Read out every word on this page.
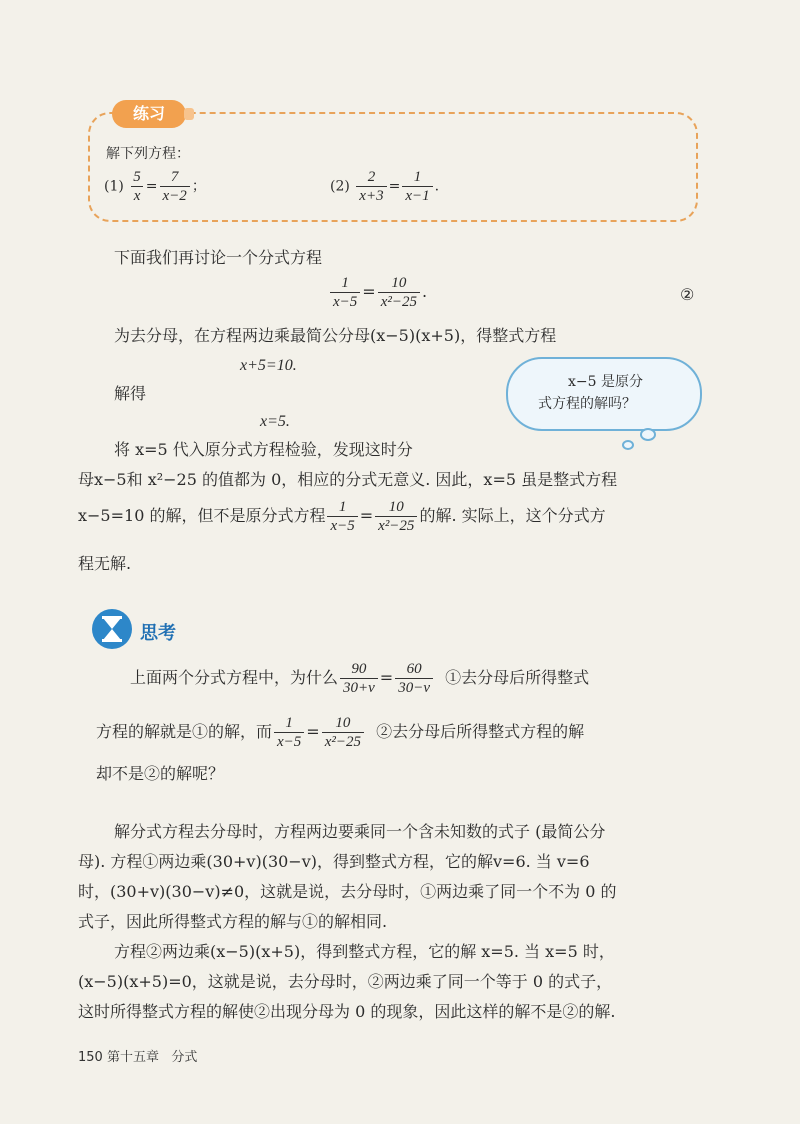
练习
解下列方程：
$(1) \frac{5}{x} = \frac{7}{x-2}$ ；	$(2) \frac{2}{x+3} = \frac{1}{x-1}$ .
下面我们再讨论一个分式方程
$\frac{1}{x-5} = \frac{10}{\text{x²−25}}$ .	②
为去分母，在方程两边乘最简公分母(x−5)(x+5)，得整式方程
x+5=10.
解得
x=5.
x−5 是原分
式方程的解吗？
将 x=5 代入原分式方程检验，发现这时分
母x−5和 x²−25 的值都为 0，相应的分式无意义. 因此，x=5 虽是整式方程
x−5=10 的解，但不是原分式方程 $\frac{1}{x-5} = \frac{10}{\text{x²−25}}$ 的解. 实际上，这个分式方
程无解.
思考
上面两个分式方程中，为什么 $\frac{90}{30+v} = \frac{60}{30-v}$ ①去分母后所得整式
方程的解就是①的解，而 $\frac{1}{x-5} = \frac{10}{\text{x²−25}}$ ②去分母后所得整式方程的解
却不是②的解呢？
解分式方程去分母时，方程两边要乘同一个含未知数的式子 (最简公分
母). 方程①两边乘(30+v)(30−v)，得到整式方程，它的解v=6. 当 v=6
时，(30+v)(30−v)≠0，这就是说，去分母时，①两边乘了同一个不为 0 的
式子，因此所得整式方程的解与①的解相同.
方程②两边乘(x−5)(x+5)，得到整式方程，它的解 x=5. 当 x=5 时，
(x−5)(x+5)=0，这就是说，去分母时，②两边乘了同一个等于 0 的式子，
这时所得整式方程的解使②出现分母为 0 的现象，因此这样的解不是②的解.
150 第十五章 分式
